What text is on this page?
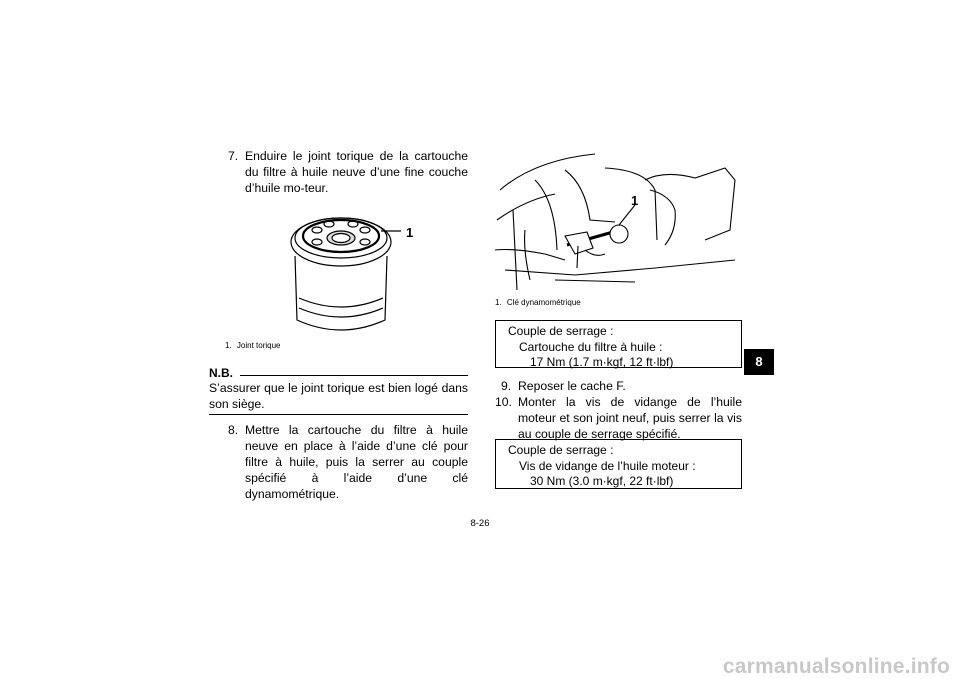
7. Enduire le joint torique de la cartouche du filtre à huile neuve d’une fine couche d’huile mo-teur.
1
1. Joint torique
N.B.
S’assurer que le joint torique est bien logé dans son siège.
8. Mettre la cartouche du filtre à huile neuve en place à l’aide d’une clé pour filtre à huile, puis la serrer au couple spécifié à l’aide d’une clé dynamométrique.
1
1. Clé dynamométrique
Couple de serrage :
Cartouche du filtre à huile :
17 Nm (1.7 m·kgf, 12 ft·lbf)
9. Reposer le cache F.
10. Monter la vis de vidange de l’huile moteur et son joint neuf, puis serrer la vis au couple de serrage spécifié.
Couple de serrage :
Vis de vidange de l’huile moteur :
30 Nm (3.0 m·kgf, 22 ft·lbf)
8
8-26
carmanualsonline.info
